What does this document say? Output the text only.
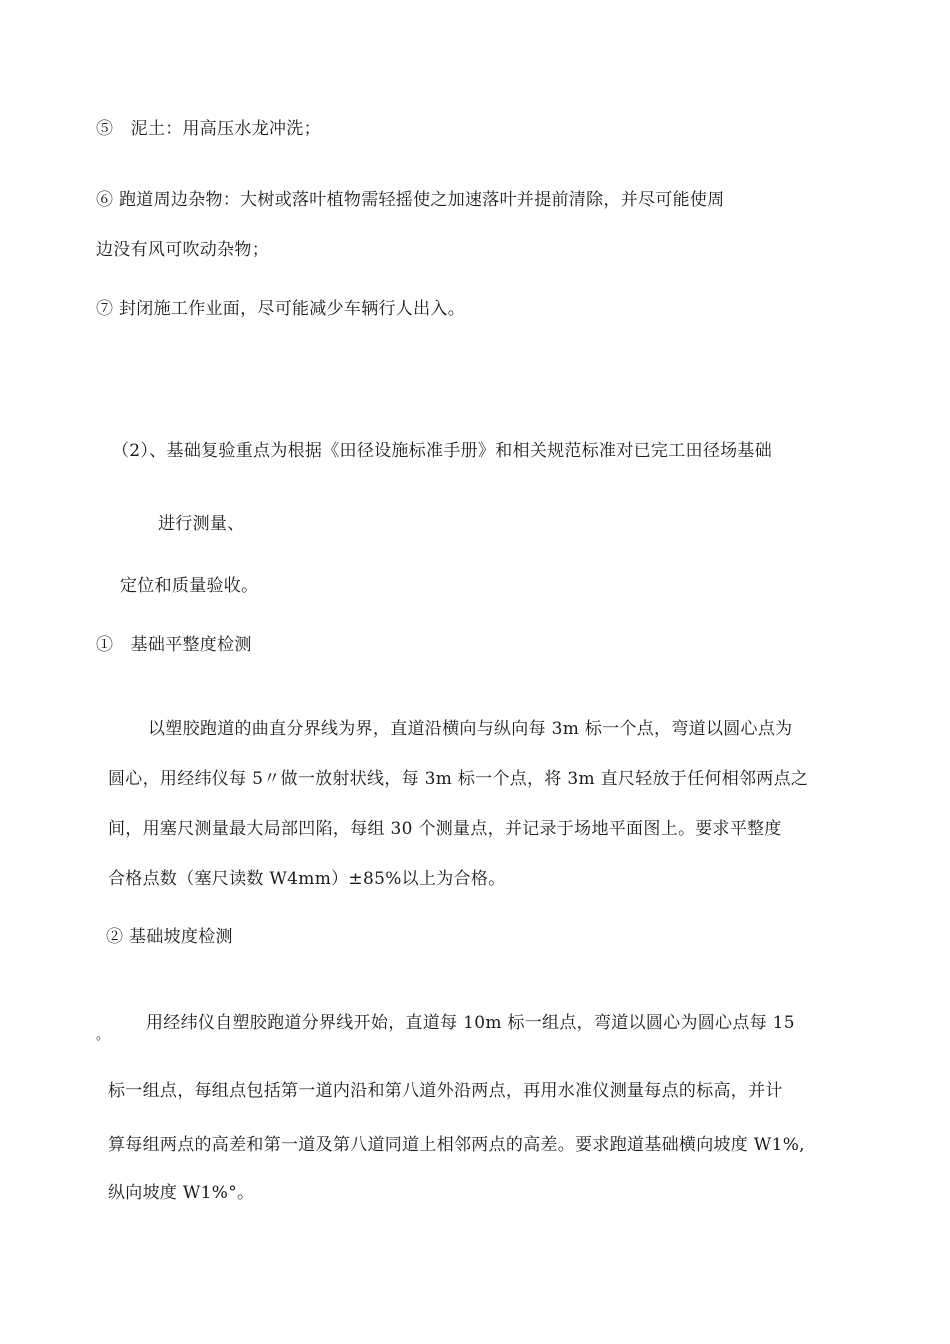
⑤　泥土：用高压水龙冲洗；
⑥ 跑道周边杂物：大树或落叶植物需轻摇使之加速落叶并提前清除，并尽可能使周
边没有风可吹动杂物；
⑦ 封闭施工作业面，尽可能减少车辆行人出入。
（2）、基础复验重点为根据《田径设施标准手册》和相关规范标准对已完工田径场基础
进行测量、
定位和质量验收。
①　基础平整度检测
以塑胶跑道的曲直分界线为界，直道沿横向与纵向每 3m 标一个点，弯道以圆心点为
圆心，用经纬仪每 5〃做一放射状线，每 3m 标一个点，将 3m 直尺轻放于任何相邻两点之
间，用塞尺测量最大局部凹陷，每组 30 个测量点，并记录于场地平面图上。要求平整度
合格点数（塞尺读数 W4mm）±85%以上为合格。
② 基础坡度检测
用经纬仪自塑胶跑道分界线开始，直道每 10m 标一组点，弯道以圆心为圆心点每 15
。
标一组点，每组点包括第一道内沿和第八道外沿两点，再用水准仪测量每点的标高，并计
算每组两点的高差和第一道及第八道同道上相邻两点的高差。要求跑道基础横向坡度 W1%,
纵向坡度 W1%°。
